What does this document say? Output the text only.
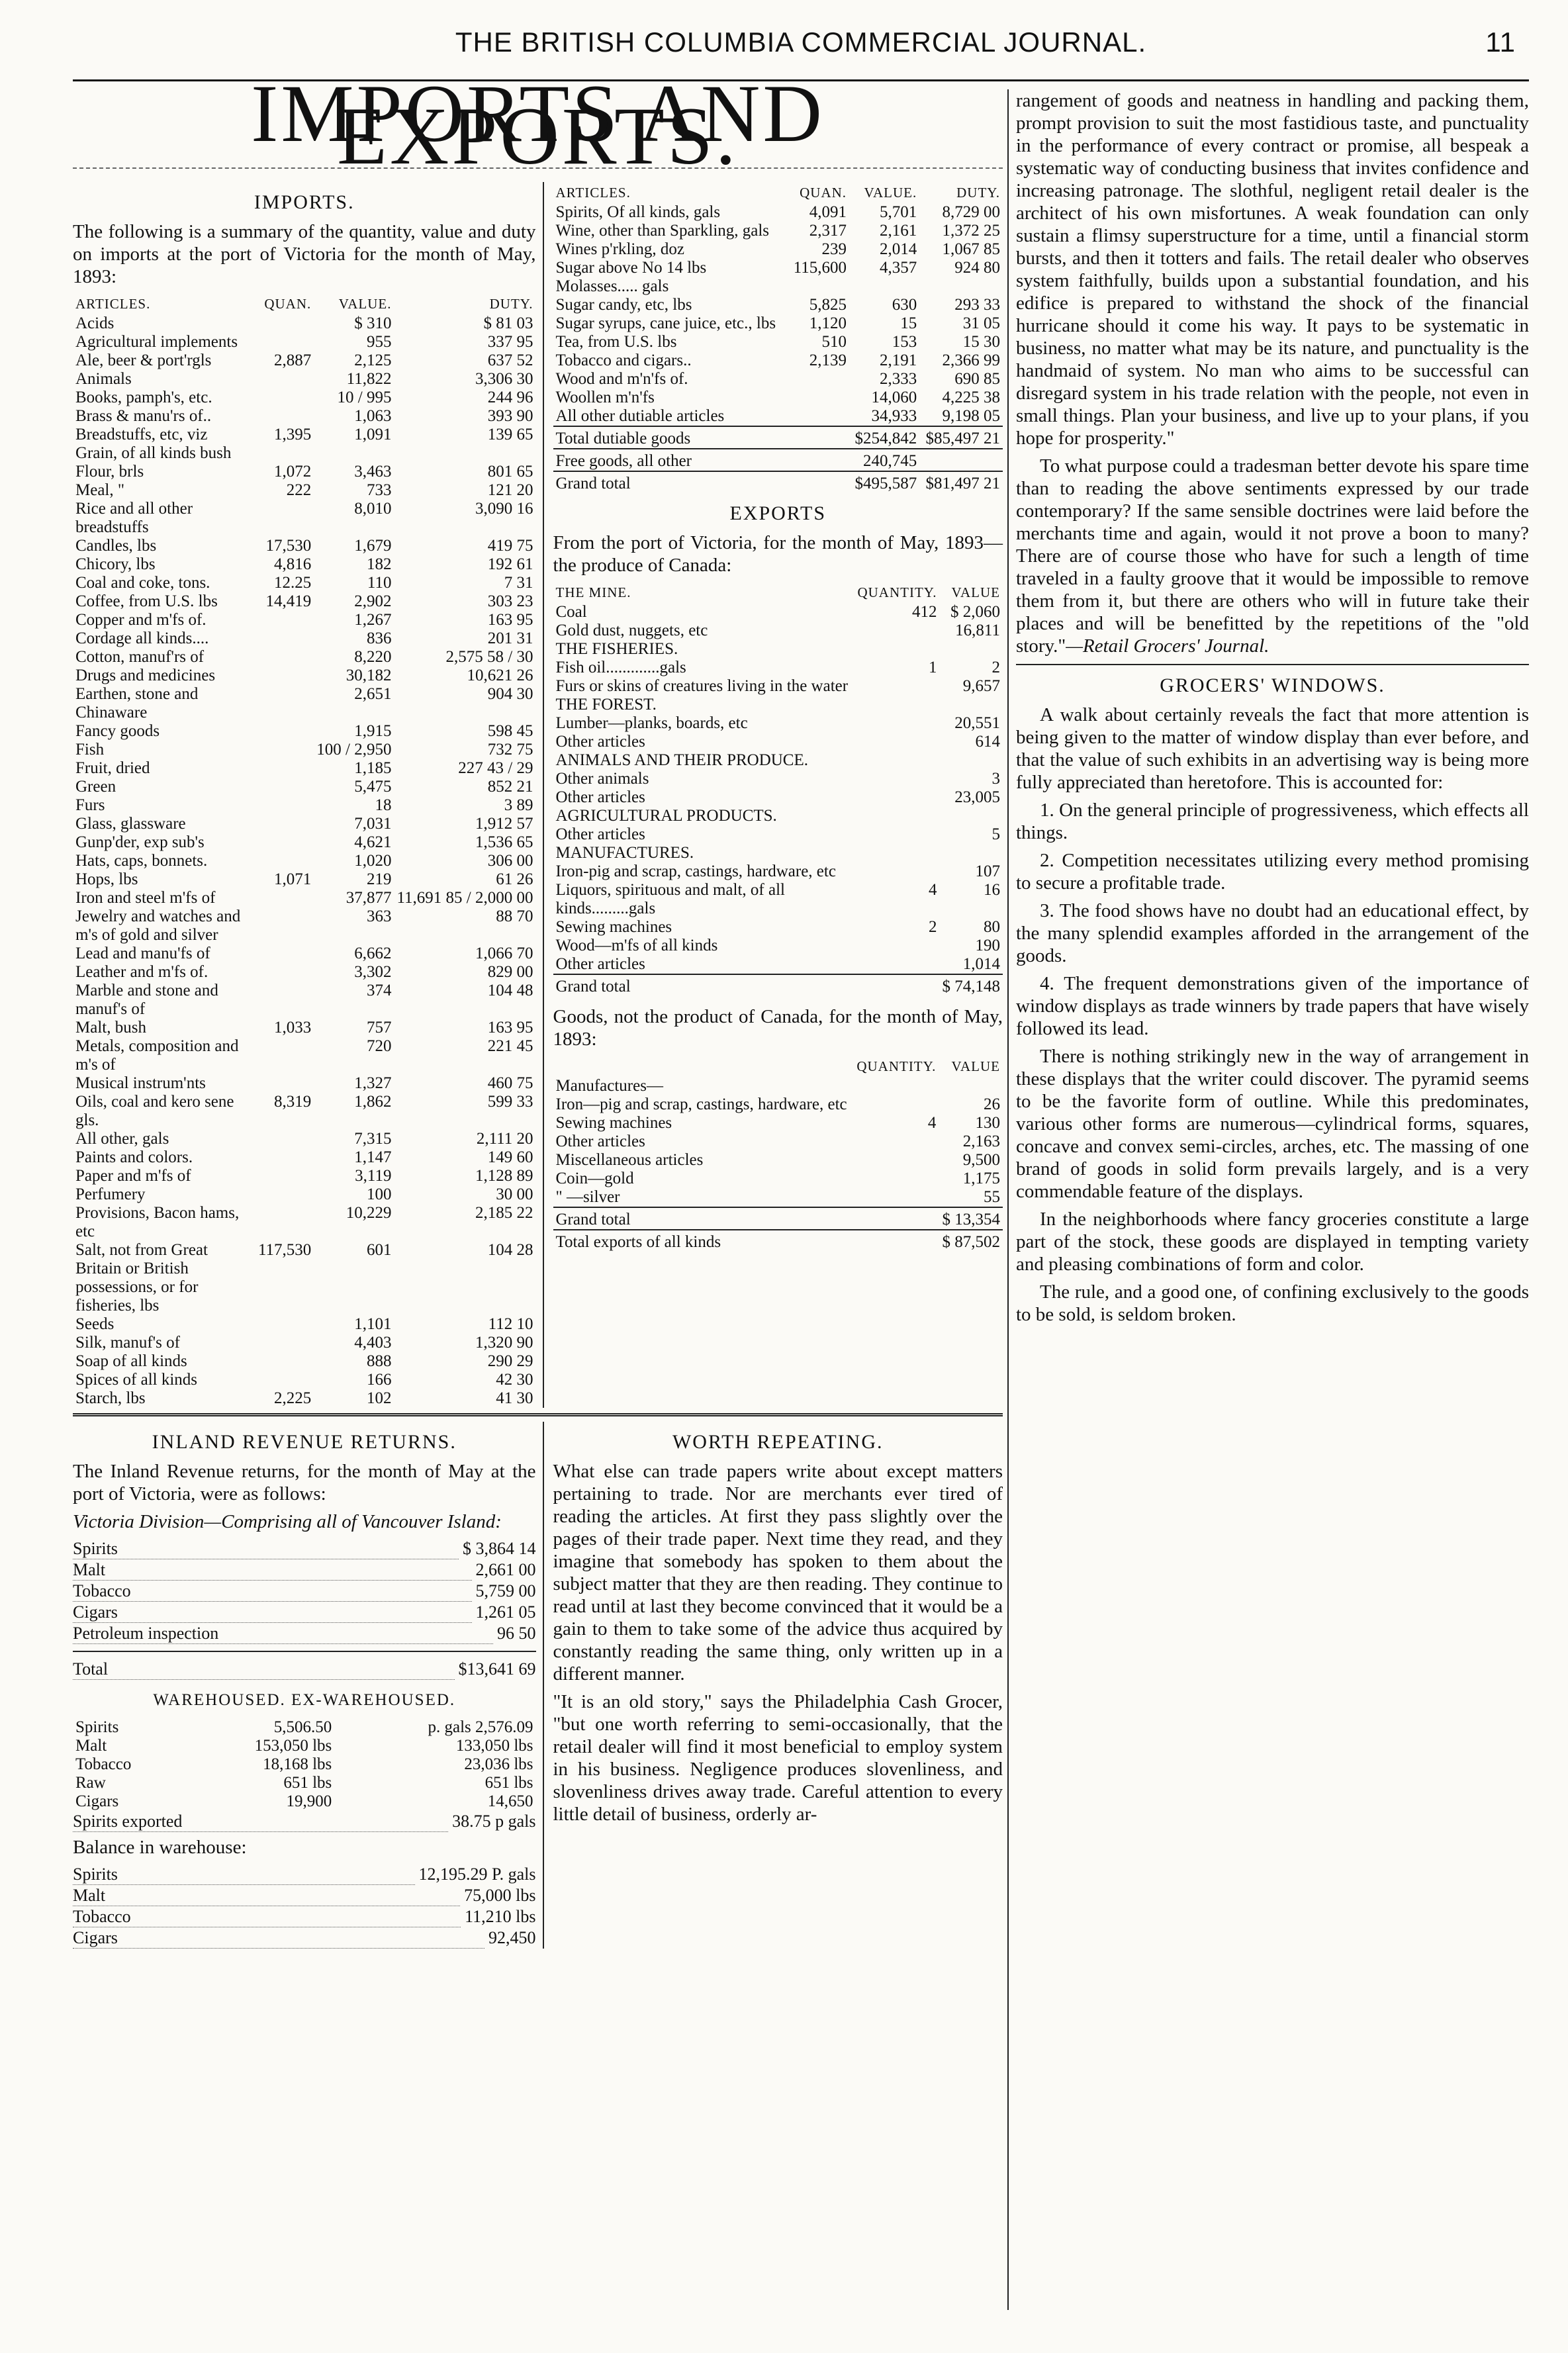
THE BRITISH COLUMBIA COMMERCIAL JOURNAL.	11
IMPORTS AND EXPORTS.
IMPORTS.

The following is a summary of the quantity, value and duty on imports at the port of Victoria for the month of May, 1893:

ARTICLES.	QUAN.	VALUE.	DUTY.
Acids		$ 310	$ 81 03
Agricultural implements		955	337 95
Ale, beer & port'rgls	2,887	2,125	637 52
Animals		11,822	3,306 30
Books, pamph's, etc.		10 / 995	244 96
Brass & manu'rs of..		1,063	393 90
Breadstuffs, etc, viz Grain, of all kinds bush	1,395	1,091	139 65
Flour, brls	1,072	3,463	801 65
Meal, "	222	733	121 20
Rice and all other breadstuffs		8,010	3,090 16
Candles, lbs	17,530	1,679	419 75
Chicory, lbs	4,816	182	192 61
Coal and coke, tons.	12.25	110	7 31
Coffee, from U.S. lbs	14,419	2,902	303 23
Copper and m'fs of.		1,267	163 95
Cordage all kinds....		836	201 31
Cotton, manuf'rs of		8,220	2,575 58 / 30
Drugs and medicines		30,182	10,621 26
Earthen, stone and Chinaware		2,651	904 30
Fancy goods		1,915	598 45
Fish		100 / 2,950	732 75
Fruit, dried		1,185	227 43 / 29
Green		5,475	852 21
Furs		18	3 89
Glass, glassware		7,031	1,912 57
Gunp'der, exp sub's		4,621	1,536 65
Hats, caps, bonnets.		1,020	306 00
Hops, lbs	1,071	219	61 26
Iron and steel m'fs of		37,877	11,691 85 / 2,000 00
Jewelry and watches and m's of gold and silver		363	88 70
Lead and manu'fs of		6,662	1,066 70
Leather and m'fs of.		3,302	829 00
Marble and stone and manuf's of		374	104 48
Malt, bush	1,033	757	163 95
Metals, composition and m's of		720	221 45
Musical instrum'nts		1,327	460 75
Oils, coal and kero sene gls.	8,319	1,862	599 33
All other, gals		7,315	2,111 20
Paints and colors.		1,147	149 60
Paper and m'fs of		3,119	1,128 89
Perfumery		100	30 00
Provisions, Bacon hams, etc		10,229	2,185 22
Salt, not from Great Britain or British possessions, or for fisheries, lbs	117,530	601	104 28
Seeds		1,101	112 10
Silk, manuf's of		4,403	1,320 90
Soap of all kinds		888	290 29
Spices of all kinds		166	42 30
Starch, lbs	2,225	102	41 30
ARTICLES.	QUAN.	VALUE.	DUTY.
Spirits, Of all kinds, gals	4,091	5,701	8,729 00
Wine, other than Sparkling, gals	2,317	2,161	1,372 25
Wines p'rkling, doz	239	2,014	1,067 85
Sugar above No 14 lbs	115,600	4,357	924 80
Molasses..... gals			
Sugar candy, etc, lbs	5,825	630	293 33
Sugar syrups, cane juice, etc., lbs	1,120	15	31 05
Tea, from U.S. lbs	510	153	15 30
Tobacco and cigars..	2,139	2,191	2,366 99
Wood and m'n'fs of.		2,333	690 85
Woollen m'n'fs		14,060	4,225 38
All other dutiable articles		34,933	9,198 05
Total dutiable goods		$254,842	$85,497 21
Free goods, all other		240,745	
Grand total		$495,587	$81,497 21
EXPORTS

From the port of Victoria, for the month of May, 1893—the produce of Canada:

THE MINE.	QUANTITY.	VALUE
Coal	412	$ 2,060
Gold dust, nuggets, etc		16,811
THE FISHERIES.		
Fish oil.............gals	1	2
Furs or skins of creatures living in the water		9,657
THE FOREST.		
Lumber—planks, boards, etc		20,551
Other articles		614
ANIMALS AND THEIR PRODUCE.		
Other animals		3
Other articles		23,005
AGRICULTURAL PRODUCTS.		
Other articles		5
MANUFACTURES.		
Iron-pig and scrap, castings, hardware, etc		107
Liquors, spirituous and malt, of all kinds.........gals	4	16
Sewing machines	2	80
Wood—m'fs of all kinds		190
Other articles		1,014
Grand total		$ 74,148

Goods, not the product of Canada, for the month of May, 1893:

	QUANTITY.	VALUE
Manufactures—		
Iron—pig and scrap, castings, hardware, etc		26
Sewing machines	4	130
Other articles		2,163
Miscellaneous articles		9,500
Coin—gold		1,175
" —silver		55
Grand total		$ 13,354
Total exports of all kinds		$ 87,502
INLAND REVENUE RETURNS.

The Inland Revenue returns, for the month of May at the port of Victoria, were as follows:

Victoria Division—Comprising all of Vancouver Island:

Spirits	$ 3,864 14
Malt	2,661 00
Tobacco	5,759 00
Cigars	1,261 05
Petroleum inspection	96 50
Total	$13,641 69
WAREHOUSED. EX-WAREHOUSED.
Spirits	5,506.50	p. gals 2,576.09
Malt	153,050 lbs	133,050 lbs
Tobacco	18,168 lbs	23,036 lbs
Raw	651 lbs	651 lbs
Cigars	19,900	14,650
Spirits exported	38.75 p gals

Balance in warehouse:

Spirits	12,195.29 P. gals
Malt	75,000 lbs
Tobacco	11,210 lbs
Cigars	92,450
WORTH REPEATING.

What else can trade papers write about except matters pertaining to trade. Nor are merchants ever tired of reading the articles. At first they pass slightly over the pages of their trade paper. Next time they read, and they imagine that somebody has spoken to them about the subject matter that they are then reading. They continue to read until at last they become convinced that it would be a gain to them to take some of the advice thus acquired by constantly reading the same thing, only written up in a different manner.

"It is an old story," says the Philadelphia Cash Grocer, "but one worth referring to semi-occasionally, that the retail dealer will find it most beneficial to employ system in his business. Negligence produces slovenliness, and slovenliness drives away trade. Careful attention to every little detail of business, orderly ar-

rangement of goods and neatness in handling and packing them, prompt provision to suit the most fastidious taste, and punctuality in the performance of every contract or promise, all bespeak a systematic way of conducting business that invites confidence and increasing patronage. The slothful, negligent retail dealer is the architect of his own misfortunes. A weak foundation can only sustain a flimsy superstructure for a time, until a financial storm bursts, and then it totters and fails. The retail dealer who observes system faithfully, builds upon a substantial foundation, and his edifice is prepared to withstand the shock of the financial hurricane should it come his way. It pays to be systematic in business, no matter what may be its nature, and punctuality is the handmaid of system. No man who aims to be successful can disregard system in his trade relation with the people, not even in small things. Plan your business, and live up to your plans, if you hope for prosperity."

To what purpose could a tradesman better devote his spare time than to reading the above sentiments expressed by our trade contemporary? If the same sensible doctrines were laid before the merchants time and again, would it not prove a boon to many? There are of course those who have for such a length of time traveled in a faulty groove that it would be impossible to remove them from it, but there are others who will in future take their places and will be benefitted by the repetitions of the "old story."—Retail Grocers' Journal.

GROCERS' WINDOWS.

A walk about certainly reveals the fact that more attention is being given to the matter of window display than ever before, and that the value of such exhibits in an advertising way is being more fully appreciated than heretofore. This is accounted for:

1. On the general principle of progressiveness, which effects all things.
2. Competition necessitates utilizing every method promising to secure a profitable trade.
3. The food shows have no doubt had an educational effect, by the many splendid examples afforded in the arrangement of the goods.
4. The frequent demonstrations given of the importance of window displays as trade winners by trade papers that have wisely followed its lead.

There is nothing strikingly new in the way of arrangement in these displays that the writer could discover. The pyramid seems to be the favorite form of outline. While this predominates, various other forms are numerous—cylindrical forms, squares, concave and convex semi-circles, arches, etc. The massing of one brand of goods in solid form prevails largely, and is a very commendable feature of the displays.

In the neighborhoods where fancy groceries constitute a large part of the stock, these goods are displayed in tempting variety and pleasing combinations of form and color.

The rule, and a good one, of confining exclusively to the goods to be sold, is seldom broken.
